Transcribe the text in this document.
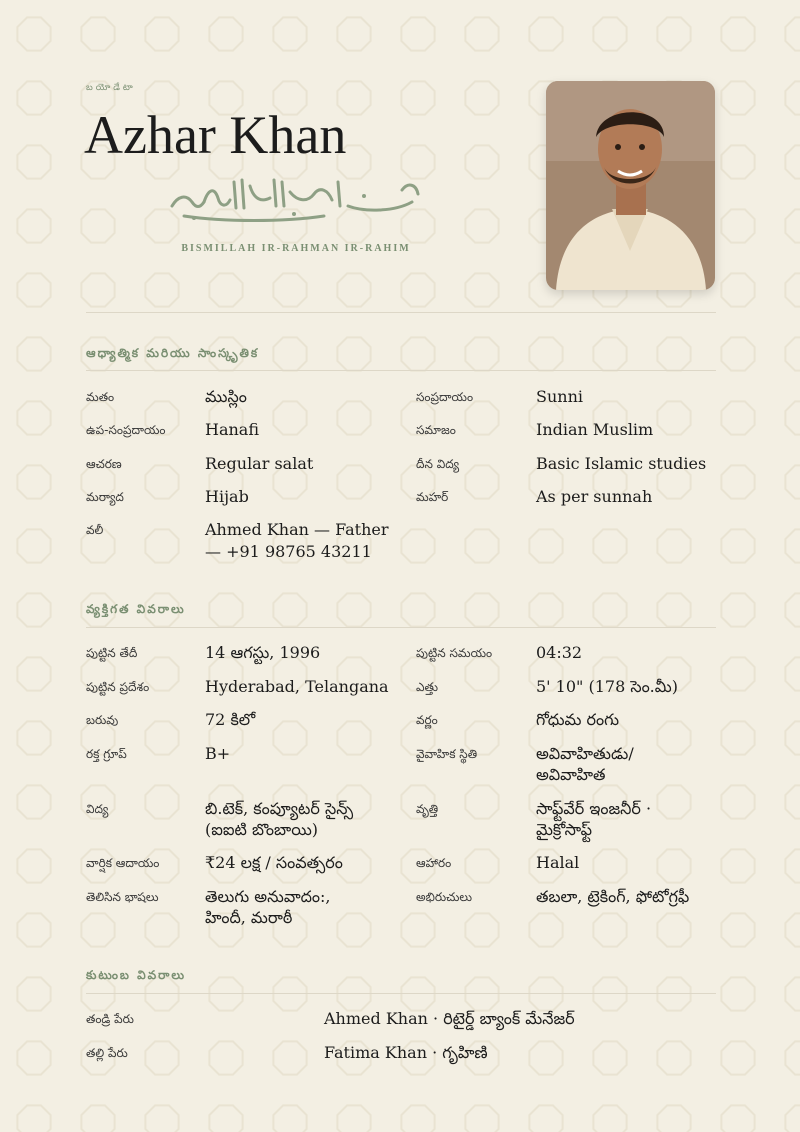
బయోడేటా
Azhar Khan
BISMILLAH IR-RAHMAN IR-RAHIM
ఆధ్యాత్మిక మరియు సాంస్కృతిక
మతం	ముస్లిం	సంప్రదాయం	Sunni
ఉప-సంప్రదాయం Hanafi	సమాజం	Indian Muslim
ఆచరణ	Regular salat	దీన విద్య	Basic Islamic studies
మర్యాద	Hijab	మహర్	As per sunnah
వలీ	Ahmed Khan — Father
— +91 98765 43211
వ్యక్తిగత వివరాలు
పుట్టిన తేదీ	14 ఆగస్టు, 1996	పుట్టిన సమయం	04:32
పుట్టిన ప్రదేశం	Hyderabad, Telangana ఎత్తు	5' 10" (178 సెం.మీ)
బరువు	72 కిలో	వర్ణం	గోధుమ రంగు
రక్త గ్రూప్	B+	వైవాహిక స్థితి	అవివాహితుడు/
అవివాహిత
విద్య	బి.టెక్, కంప్యూటర్ సైన్స్
(ఐఐటి బొంబాయి)
వృత్తి	సాఫ్ట్‌వేర్ ఇంజనీర్ ·
మైక్రోసాఫ్ట్
వార్షిక ఆదాయం	₹24 లక్ష / సంవత్సరం	ఆహారం	Halal
తెలిసిన భాషలు	తెలుగు అనువాదం:,
హిందీ, మరాఠీ
అభిరుచులు	తబలా, ట్రెకింగ్, ఫోటోగ్రఫీ
కుటుంబ వివరాలు
తండ్రి పేరు	Ahmed Khan · రిటైర్డ్ బ్యాంక్ మేనేజర్
తల్లి పేరు	Fatima Khan · గృహిణి
